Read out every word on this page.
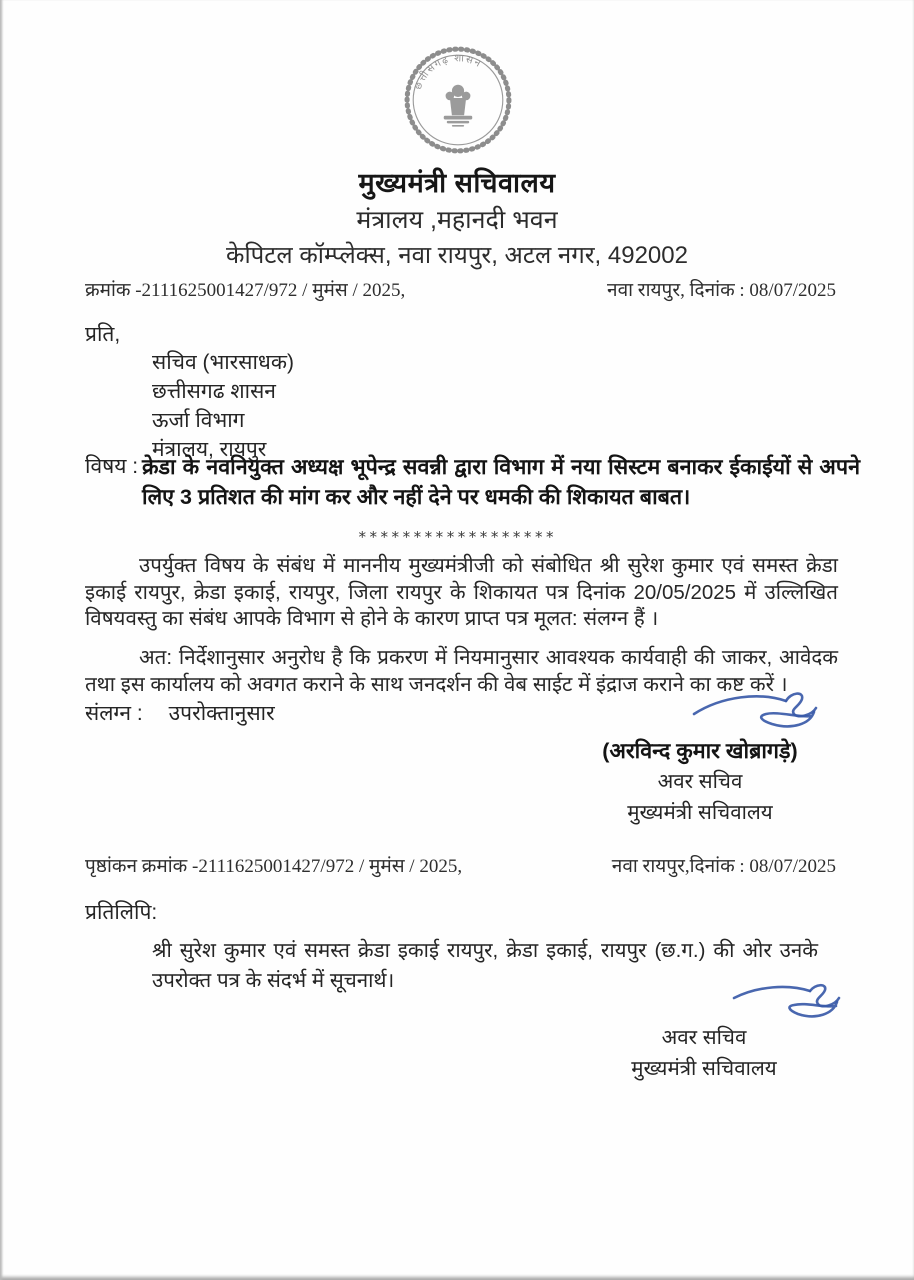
छत्तीसगढ़ शासन
मुख्यमंत्री सचिवालय
मंत्रालय ,महानदी भवन
केपिटल कॉम्प्लेक्स, नवा रायपुर, अटल नगर, 492002
क्रमांक -2111625001427/972 / मुमंस / 2025,	नवा रायपुर, दिनांक : 08/07/2025
प्रति,
सचिव (भारसाधक)
छत्तीसगढ शासन
ऊर्जा विभाग
मंत्रालय, रायपुर
विषय : क्रेडा के नवनियुक्त अध्यक्ष भूपेन्द्र सवन्नी द्वारा विभाग में नया सिस्टम बनाकर ईकाईयों से अपने लिए 3 प्रतिशत की मांग कर और नहीं देने पर धमकी की शिकायत बाबत।
******************
उपर्युक्त विषय के संबंध में माननीय मुख्यमंत्रीजी को संबोधित श्री सुरेश कुमार एवं समस्त क्रेडा इकाई रायपुर, क्रेडा इकाई, रायपुर, जिला रायपुर के शिकायत पत्र दिनांक 20/05/2025 में उल्लिखित विषयवस्तु का संबंध आपके विभाग से होने के कारण प्राप्त पत्र मूलत: संलग्न हैं ।
अत: निर्देशानुसार अनुरोध है कि प्रकरण में नियमानुसार आवश्यक कार्यवाही की जाकर, आवेदक तथा इस कार्यालय को अवगत कराने के साथ जनदर्शन की वेब साईट में इंद्राज कराने का कष्ट करें ।
संलग्न : उपरोक्तानुसार
(अरविन्द कुमार खोब्रागड़े)
अवर सचिव
मुख्यमंत्री सचिवालय
पृष्ठांकन क्रमांक -2111625001427/972 / मुमंस / 2025,	नवा रायपुर,दिनांक : 08/07/2025
प्रतिलिपि:
श्री सुरेश कुमार एवं समस्त क्रेडा इकाई रायपुर, क्रेडा इकाई, रायपुर (छ.ग.) की ओर उनके उपरोक्त पत्र के संदर्भ में सूचनार्थ।
अवर सचिव
मुख्यमंत्री सचिवालय
